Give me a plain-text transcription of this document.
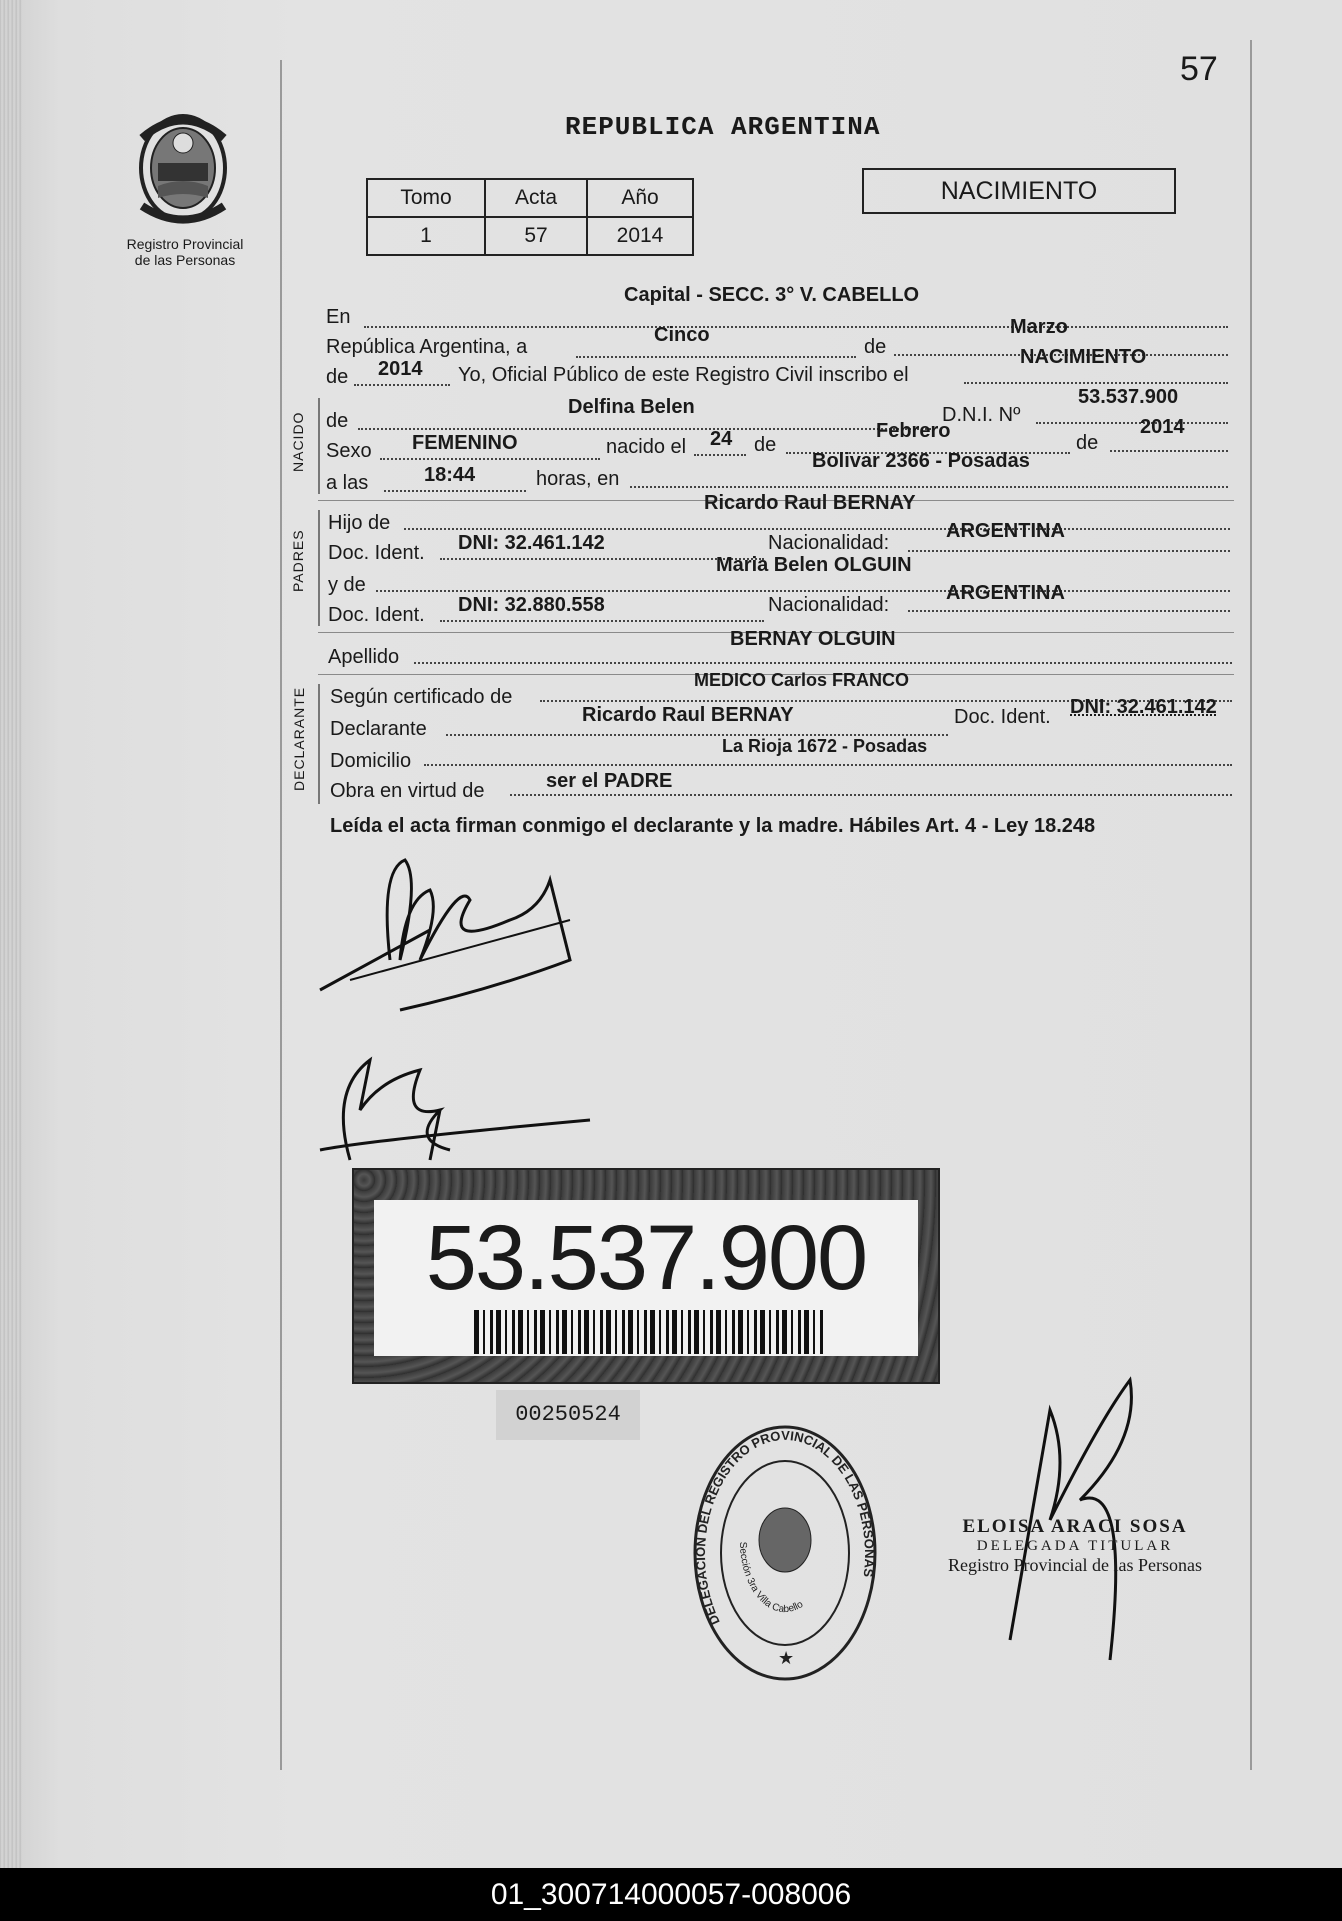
Registro Provincial
de las Personas
57
REPUBLICA ARGENTINA
Tomo	Acta	Año
1	57	2014
NACIMIENTO
NACIDO
PADRES
DECLARANTE
En
Capital - SECC. 3° V. CABELLO
República Argentina, a
Cinco
de
Marzo
de 2014 Yo, Oficial Público de este Registro Civil inscribo el
NACIMIENTO
de
Delfina Belen	D.N.I. Nº
53.537.900
Sexo FEMENINO	nacido el 24 de
Febrero
de
2014
a las	18:44	horas, en
Bolivar 2366 - Posadas
Hijo de
Ricardo Raul BERNAY
Doc. Ident. DNI: 32.461.142	Nacionalidad:
ARGENTINA
y de
Maria Belen OLGUIN
Doc. Ident. DNI: 32.880.558	Nacionalidad:
ARGENTINA
Apellido
BERNAY OLGUIN
Según certificado de
MEDICO Carlos FRANCO
Declarante
Ricardo Raul BERNAY	Doc. Ident. DNI: 32.461.142
Domicilio
La Rioja 1672 - Posadas
Obra en virtud de	ser el PADRE
Leída el acta firman conmigo el declarante y la madre. Hábiles Art. 4 - Ley 18.248
53.537.900
00250524
DELEGACION DEL REGISTRO PROVINCIAL DE LAS PERSONAS
Sección 3ra Villa Cabello
★
ELOISA ARACI SOSA
DELEGADA TITULAR
Registro Provincial de las Personas
01_300714000057-008006
